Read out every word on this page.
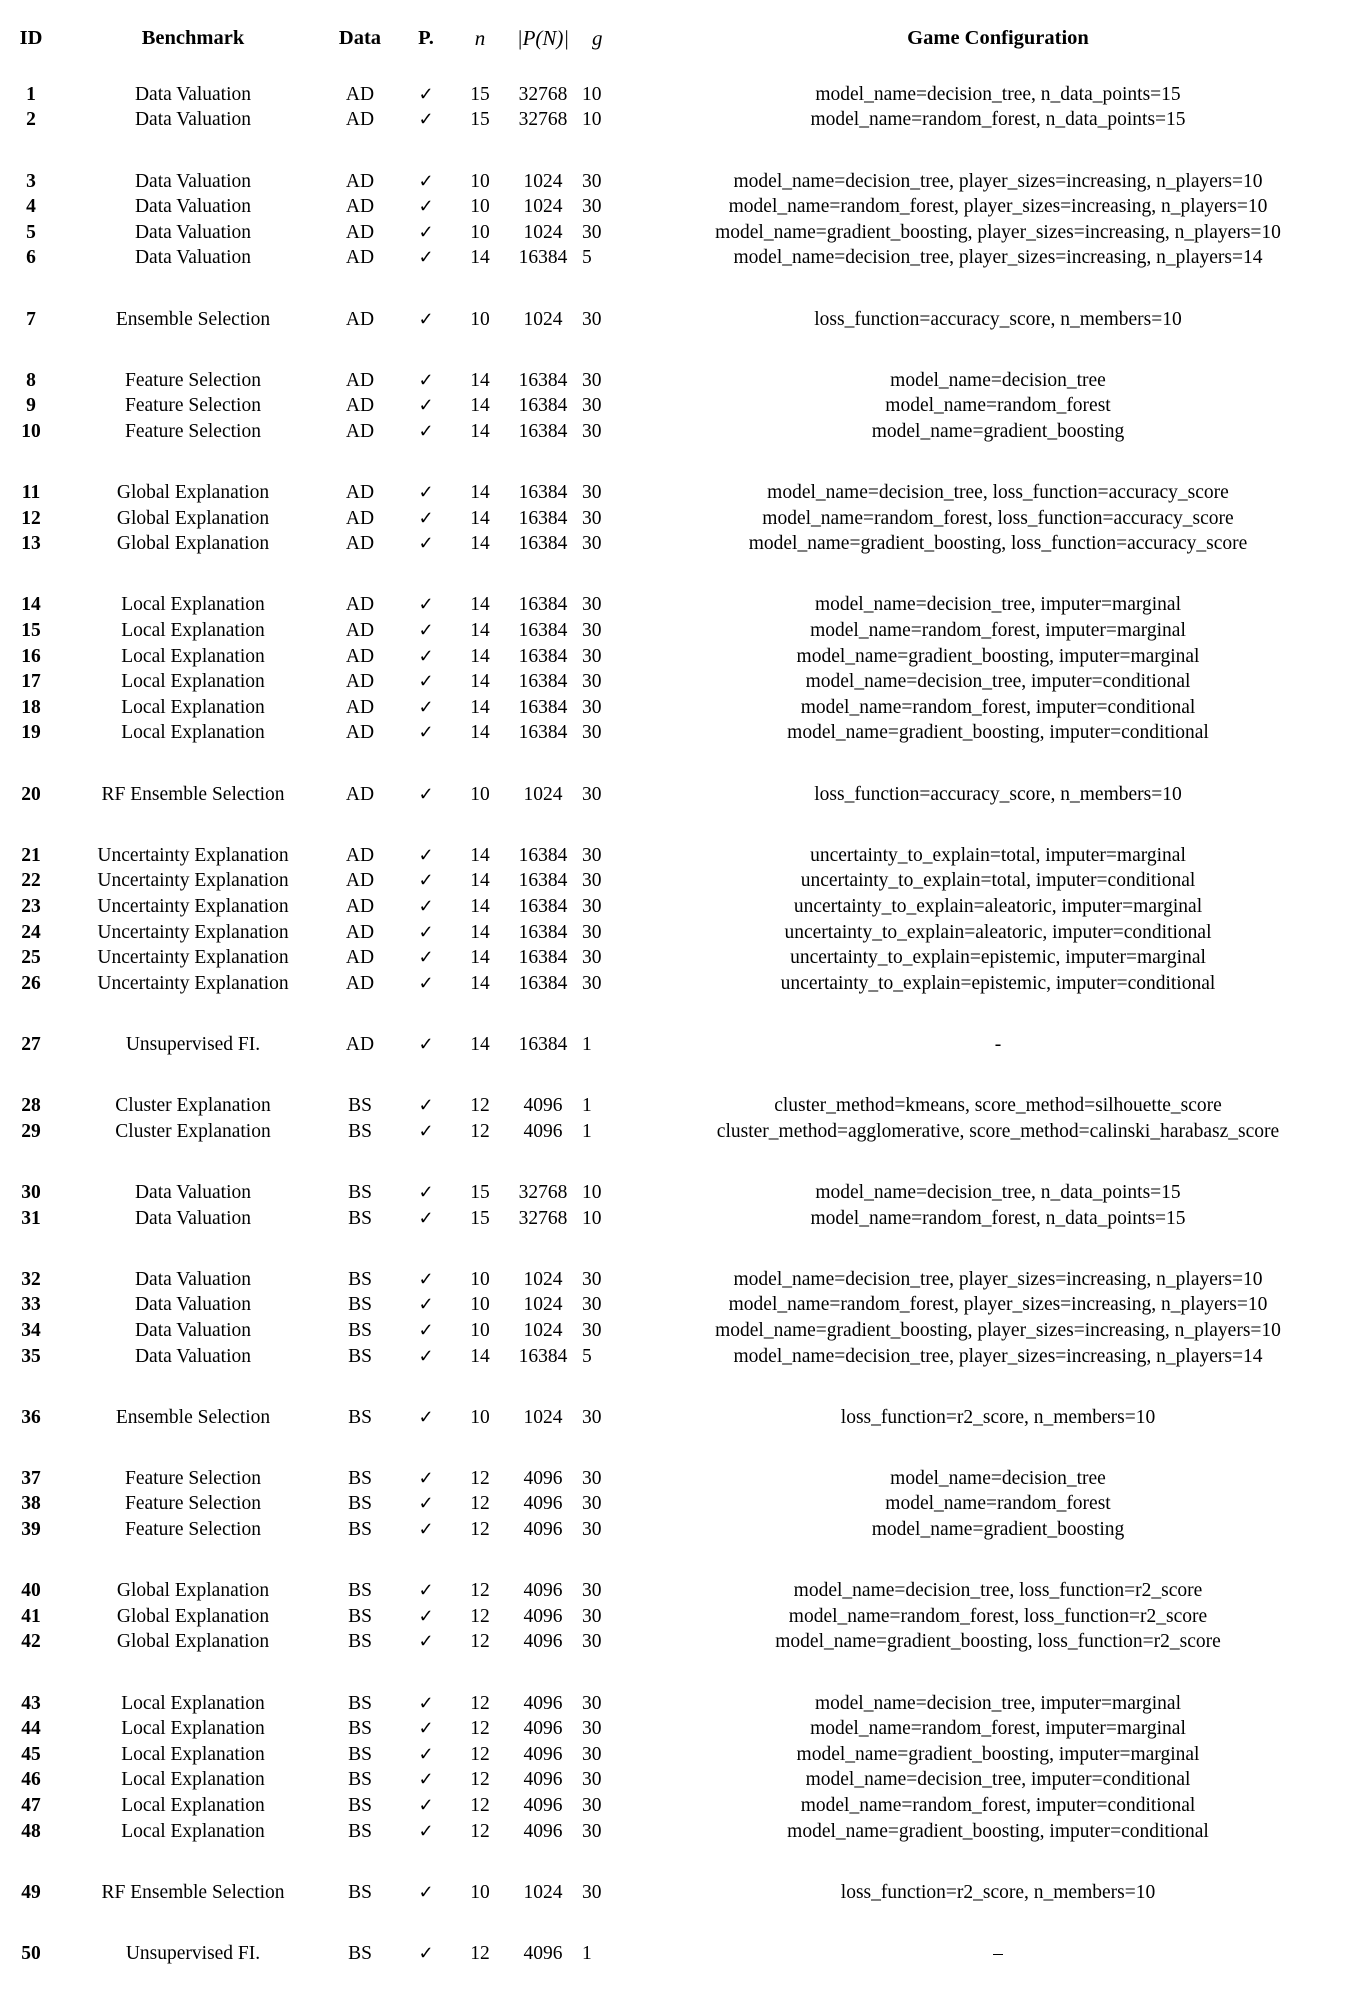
ID	Benchmark	Data	P.	n	|P(N)|	g	Game Configuration

1	Data Valuation	AD	✓	15	32768	10	model_name=decision_tree, n_data_points=15
2	Data Valuation	AD	✓	15	32768	10	model_name=random_forest, n_data_points=15

3	Data Valuation	AD	✓	10	1024	30	model_name=decision_tree, player_sizes=increasing, n_players=10
4	Data Valuation	AD	✓	10	1024	30	model_name=random_forest, player_sizes=increasing, n_players=10
5	Data Valuation	AD	✓	10	1024	30	model_name=gradient_boosting, player_sizes=increasing, n_players=10
6	Data Valuation	AD	✓	14	16384	5	model_name=decision_tree, player_sizes=increasing, n_players=14

7	Ensemble Selection	AD	✓	10	1024	30	loss_function=accuracy_score, n_members=10

8	Feature Selection	AD	✓	14	16384	30	model_name=decision_tree
9	Feature Selection	AD	✓	14	16384	30	model_name=random_forest
10	Feature Selection	AD	✓	14	16384	30	model_name=gradient_boosting

11	Global Explanation	AD	✓	14	16384	30	model_name=decision_tree, loss_function=accuracy_score
12	Global Explanation	AD	✓	14	16384	30	model_name=random_forest, loss_function=accuracy_score
13	Global Explanation	AD	✓	14	16384	30	model_name=gradient_boosting, loss_function=accuracy_score

14	Local Explanation	AD	✓	14	16384	30	model_name=decision_tree, imputer=marginal
15	Local Explanation	AD	✓	14	16384	30	model_name=random_forest, imputer=marginal
16	Local Explanation	AD	✓	14	16384	30	model_name=gradient_boosting, imputer=marginal
17	Local Explanation	AD	✓	14	16384	30	model_name=decision_tree, imputer=conditional
18	Local Explanation	AD	✓	14	16384	30	model_name=random_forest, imputer=conditional
19	Local Explanation	AD	✓	14	16384	30	model_name=gradient_boosting, imputer=conditional

20	RF Ensemble Selection	AD	✓	10	1024	30	loss_function=accuracy_score, n_members=10

21	Uncertainty Explanation	AD	✓	14	16384	30	uncertainty_to_explain=total, imputer=marginal
22	Uncertainty Explanation	AD	✓	14	16384	30	uncertainty_to_explain=total, imputer=conditional
23	Uncertainty Explanation	AD	✓	14	16384	30	uncertainty_to_explain=aleatoric, imputer=marginal
24	Uncertainty Explanation	AD	✓	14	16384	30	uncertainty_to_explain=aleatoric, imputer=conditional
25	Uncertainty Explanation	AD	✓	14	16384	30	uncertainty_to_explain=epistemic, imputer=marginal
26	Uncertainty Explanation	AD	✓	14	16384	30	uncertainty_to_explain=epistemic, imputer=conditional

27	Unsupervised FI.	AD	✓	14	16384	1	-

28	Cluster Explanation	BS	✓	12	4096	1	cluster_method=kmeans, score_method=silhouette_score
29	Cluster Explanation	BS	✓	12	4096	1	cluster_method=agglomerative, score_method=calinski_harabasz_score

30	Data Valuation	BS	✓	15	32768	10	model_name=decision_tree, n_data_points=15
31	Data Valuation	BS	✓	15	32768	10	model_name=random_forest, n_data_points=15

32	Data Valuation	BS	✓	10	1024	30	model_name=decision_tree, player_sizes=increasing, n_players=10
33	Data Valuation	BS	✓	10	1024	30	model_name=random_forest, player_sizes=increasing, n_players=10
34	Data Valuation	BS	✓	10	1024	30	model_name=gradient_boosting, player_sizes=increasing, n_players=10
35	Data Valuation	BS	✓	14	16384	5	model_name=decision_tree, player_sizes=increasing, n_players=14

36	Ensemble Selection	BS	✓	10	1024	30	loss_function=r2_score, n_members=10

37	Feature Selection	BS	✓	12	4096	30	model_name=decision_tree
38	Feature Selection	BS	✓	12	4096	30	model_name=random_forest
39	Feature Selection	BS	✓	12	4096	30	model_name=gradient_boosting

40	Global Explanation	BS	✓	12	4096	30	model_name=decision_tree, loss_function=r2_score
41	Global Explanation	BS	✓	12	4096	30	model_name=random_forest, loss_function=r2_score
42	Global Explanation	BS	✓	12	4096	30	model_name=gradient_boosting, loss_function=r2_score

43	Local Explanation	BS	✓	12	4096	30	model_name=decision_tree, imputer=marginal
44	Local Explanation	BS	✓	12	4096	30	model_name=random_forest, imputer=marginal
45	Local Explanation	BS	✓	12	4096	30	model_name=gradient_boosting, imputer=marginal
46	Local Explanation	BS	✓	12	4096	30	model_name=decision_tree, imputer=conditional
47	Local Explanation	BS	✓	12	4096	30	model_name=random_forest, imputer=conditional
48	Local Explanation	BS	✓	12	4096	30	model_name=gradient_boosting, imputer=conditional

49	RF Ensemble Selection	BS	✓	10	1024	30	loss_function=r2_score, n_members=10

50	Unsupervised FI.	BS	✓	12	4096	1	–
